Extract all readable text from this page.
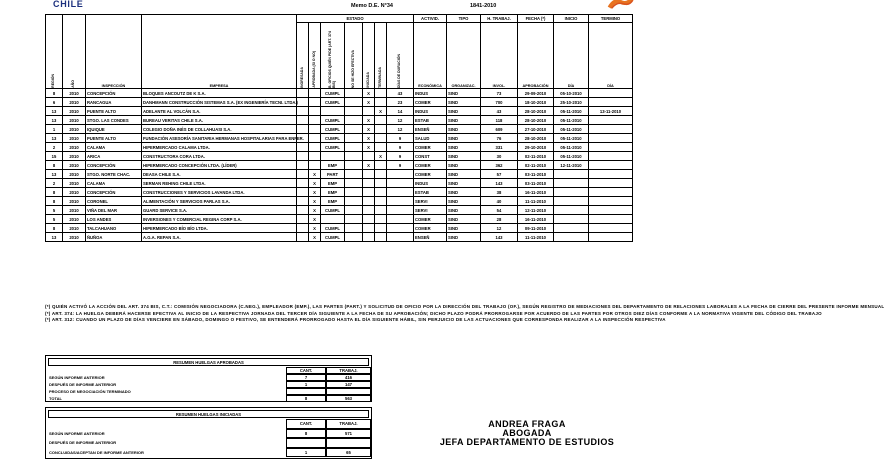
CHILE	Memo D.E. N°34	1841-2010
REGIÓN	AÑO	INSPECCIÓN	EMPRESA	ESTADO							ACTIVID.	TIPO	H. TRABAJ.	FECHA (*)	INICIO	TERMINO

				INGRESADA	APROBADA (SI O NO)	B. OFICIOS QUIÉN PIDE (ART. 374 BIS)	NO SE HIZO EFECTIVA	INICIADA	TERMINADA	DÍAS DE DURACIÓN	ECONÓMICA	ORGANIZAC.	INVOL.	APROBACIÓN	DÍA	DÍA
8	2010	CONCEPCIÓN	BLOQUES ANCOUTZ DE K S.A.			CUMPL		X		43	INDUS	SIND	73	29-09-2010	05-10-2010	
6	2010	RANCAGUA	DANHMANN CONSTRUCCIÓN SISTEMAS S.A. (EX INGENIERÍA TECNI. LTDA.)			CUMPL		X		23	COMER	SIND	700	18-10-2010	25-10-2010	
13	2010	PUENTE ALTO	ADELANTE AL VOLCÁN S.A.						X	14	INDUS	SIND	43	28-10-2010	05-11-2010	13-11-2010
13	2010	STGO. LAS CONDES	BUREAU VERITAS CHILE S.A.			CUMPL		X		12	ESTAB	SIND	118	28-10-2010	05-11-2010	
1	2010	IQUIQUE	COLEGIO DOÑA INÉS DE COLLAHUASI S.A.			CUMPL		X		12	ENSEÑ	SIND	609	27-10-2010	05-11-2010	
13	2010	PUENTE ALTO	FUNDACIÓN ASESORÍA SANITARIA HERMANAS HOSPITALARIAS PARA ENFER.			CUMPL		X		9	SALUD	SIND	76	28-10-2010	05-11-2010	
2	2010	CALAMA	HIPERMERCADO CALAMA LTDA.			CUMPL		X		9	COMER	SIND	331	29-10-2010	05-11-2010	
15	2010	ARICA	CONSTRUCTORA CORA LTDA.						X	9	CONST	SIND	30	02-11-2010	05-11-2010	
8	2010	CONCEPCIÓN	HIPERMERCADO CONCEPCIÓN LTDA. (LÍDER)			EMP		X		9	COMER	SIND	362	02-11-2010	12-11-2010	
13	2010	STGO. NORTE CHAC.	DEASA CHILE S.A.		X	PART					COMER	SIND	57	03-11-2010		
2	2010	CALAMA	SERMAN REHING CHILE LTDA.		X	EMP					INDUS	SIND	143	03-11-2010		
8	2010	CONCEPCIÓN	CONSTRUCCIONES Y SERVICIOS LAVANDA LTDA.		X	EMP					ESTAB	SIND	38	16-11-2010		
8	2010	CORONEL	ALIMENTACIÓN Y SERVICIOS PARLAS S.A.		X	EMP					SERVI	SIND	40	11-11-2010		
5	2010	VIÑA DEL MAR	GUARD SERVICE S.A.		X	CUMPL					SERVI	SIND	54	12-11-2010		
5	2010	LOS ANDES	INVERSIONES Y COMERCIAL REGINA CORP S.A.		X						COMER	SIND	28	16-11-2010		
8	2010	TALCAHUANO	HIPERMERCADO BÍO BÍO LTDA.		X	CUMPL					COMER	SIND	12	09-11-2010		
13	2010	ÑUÑOA	A.G.A. REPAN S.A.		X	CUMPL					ENSEÑ	SIND	143	11-11-2010		
(*) QUIÉN ACTIVÓ LA ACCIÓN DEL ART. 374 BIS, C.T.: COMISIÓN NEGOCIADORA (C.NEG.), EMPLEADOR (EMP.), LAS PARTES (PART.) Y SOLICITUD DE OFICIO POR LA DIRECCIÓN DEL TRABAJO (OF.), SEGÚN REGISTRO DE MEDIACIONES DEL DEPARTAMENTO DE RELACIONES LABORALES A LA FECHA DE CIERRE DEL PRESENTE INFORME MENSUAL
(*) ART. 374: LA HUELGA DEBERÁ HACERSE EFECTIVA AL INICIO DE LA RESPECTIVA JORNADA DEL TERCER DÍA SIGUIENTE A LA FECHA DE SU APROBACIÓN; DICHO PLAZO PODRÁ PRORROGARSE POR ACUERDO DE LAS PARTES POR OTROS DIEZ DÍAS CONFORME A LA NORMATIVA VIGENTE DEL CÓDIGO DEL TRABAJO
(*) ART. 312: CUANDO UN PLAZO DE DÍAS VENCIERE EN SÁBADO, DOMINGO O FESTIVO, SE ENTENDERÁ PRORROGADO HASTA EL DÍA SIGUIENTE HÁBIL, SIN PERJUICIO DE LAS ACTUACIONES QUE CORRESPONDA REALIZAR A LA INSPECCIÓN RESPECTIVA
RESUMEN HUELGAS APROBADAS
CANT.	TRABAJ.
SEGÚN INFORME ANTERIOR	7	416
DESPUÉS DE INFORME ANTERIOR	1	147
PROCESO DE NEGOCIACIÓN TERMINADO
TOTAL	8	563
RESUMEN HUELGAS INICIADAS
CANT.	TRABAJ.
SEGÚN INFORME ANTERIOR	8	571
DESPUÉS DE INFORME ANTERIOR
CONCLUIDAS/ACEPTAN DE INFORME ANTERIOR	1	65
ANDREA FRAGA
ABOGADA
JEFA DEPARTAMENTO DE ESTUDIOS
